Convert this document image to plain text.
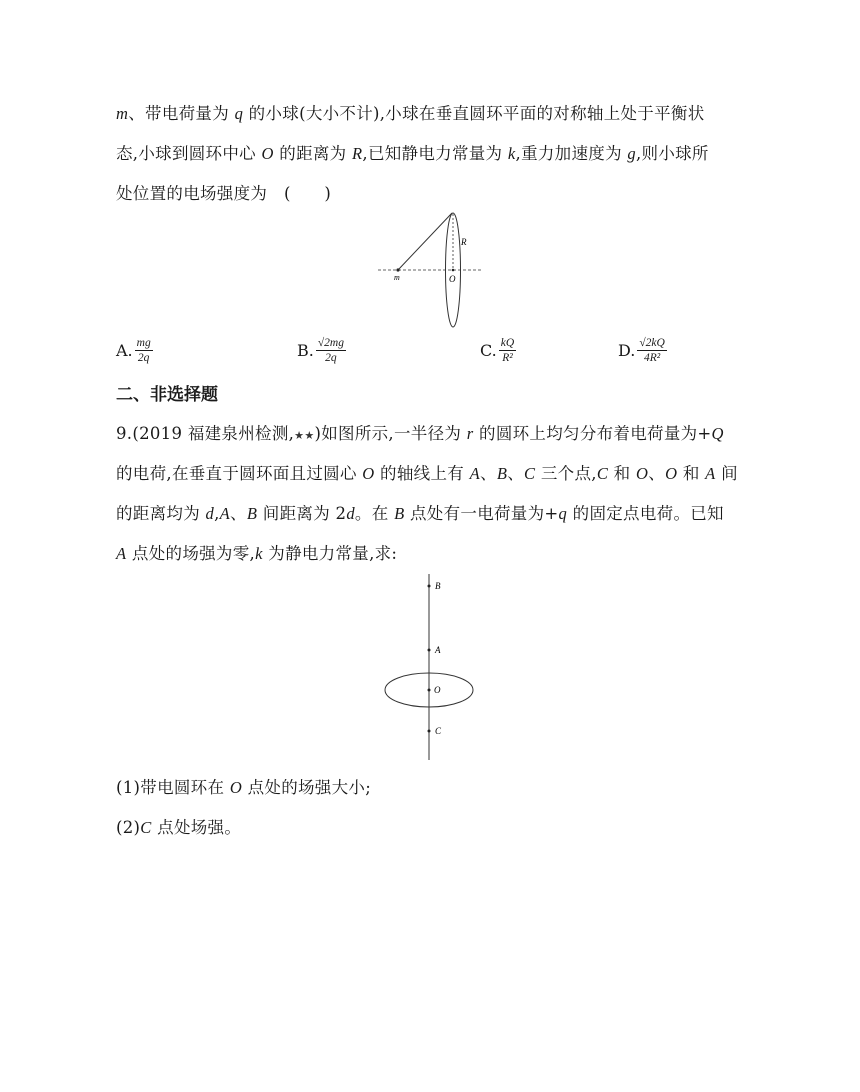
m、带电荷量为 q 的小球(大小不计),小球在垂直圆环平面的对称轴上处于平衡状
态,小球到圆环中心 O 的距离为 R,已知静电力常量为 k,重力加速度为 g,则小球所
处位置的电场强度为　(　　)
R
O
m
A. $\frac{mg}{2q}$	B. $\frac{√2mg}{2q}$	C. $\frac{kQ}{\text{R²}}$	D. $\frac{√2kQ}{\text{4R²}}$
二、非选择题
9.(2019 福建泉州检测,★★)如图所示,一半径为 r 的圆环上均匀分布着电荷量为+Q
的电荷,在垂直于圆环面且过圆心 O 的轴线上有 A、B、C 三个点,C 和 O、O 和 A 间
的距离均为 d,A、B 间距离为 2d。在 B 点处有一电荷量为+q 的固定点电荷。已知
A 点处的场强为零,k 为静电力常量,求:
B
A
O
C
(1)带电圆环在 O 点处的场强大小;
(2)C 点处场强。
